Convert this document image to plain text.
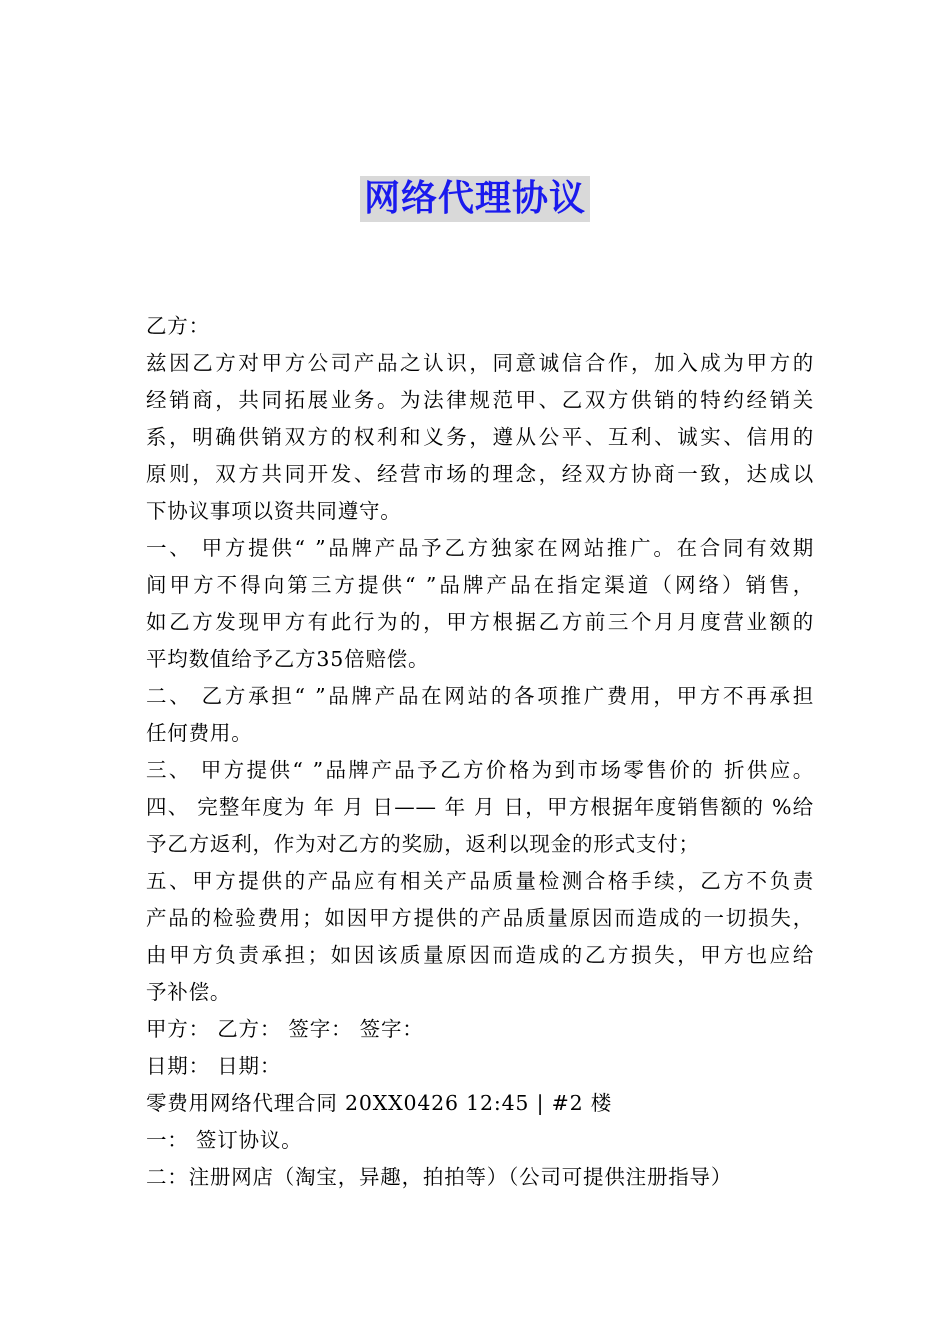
网络代理协议
乙方：
兹因乙方对甲方公司产品之认识，同意诚信合作，加入成为甲方的
经销商，共同拓展业务。为法律规范甲、乙双方供销的特约经销关
系，明确供销双方的权利和义务，遵从公平、互利、诚实、信用的
原则，双方共同开发、经营市场的理念，经双方协商一致，达成以
下协议事项以资共同遵守。
一、 甲方提供“ ”品牌产品予乙方独家在网站推广。在合同有效期
间甲方不得向第三方提供“ ”品牌产品在指定渠道（网络）销售，
如乙方发现甲方有此行为的，甲方根据乙方前三个月月度营业额的
平均数值给予乙方35倍赔偿。
二、 乙方承担“ ”品牌产品在网站的各项推广费用，甲方不再承担
任何费用。
三、 甲方提供“ ”品牌产品予乙方价格为到市场零售价的 折供应。
四、 完整年度为 年 月 日—— 年 月 日，甲方根据年度销售额的 %给
予乙方返利，作为对乙方的奖励，返利以现金的形式支付；
五、甲方提供的产品应有相关产品质量检测合格手续，乙方不负责
产品的检验费用；如因甲方提供的产品质量原因而造成的一切损失，
由甲方负责承担；如因该质量原因而造成的乙方损失，甲方也应给
予补偿。
甲方： 乙方： 签字： 签字：
日期： 日期：
零费用网络代理合同 20XX0426 12:45 | #2 楼
一： 签订协议。
二：注册网店（淘宝，异趣，拍拍等）（公司可提供注册指导）
